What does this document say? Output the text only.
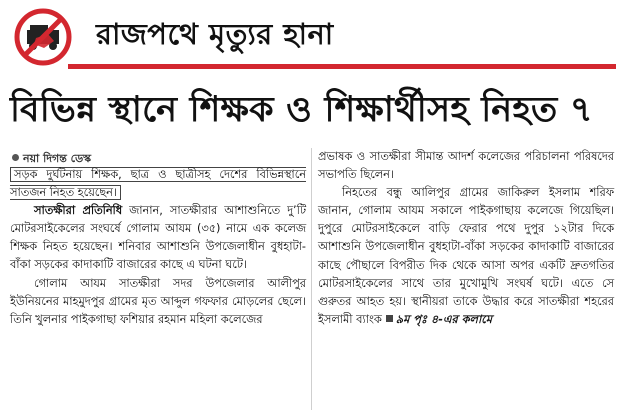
রাজপথে মৃত্যুর হানা
বিভিন্ন স্থানে শিক্ষক ও শিক্ষার্থীসহ নিহত ৭
নয়া দিগন্ত ডেস্ক

সড়ক দুর্ঘটনায় শিক্ষক, ছাত্র ও ছাত্রীসহ দেশের বিভিন্নস্থানে সাতজন নিহত হয়েছেন।

সাতক্ষীরা প্রতিনিধি জানান, সাতক্ষীরার আশাশুনিতে দু’টি মোটরসাইকেলের সংঘর্ষে গোলাম আযম (৩৫) নামে এক কলেজ শিক্ষক নিহত হয়েছেন। শনিবার আশাশুনি উপজেলাধীন বুধহাটা-বাঁকা সড়কের কাদাকাটি বাজারের কাছে এ ঘটনা ঘটে।

গোলাম আযম সাতক্ষীরা সদর উপজেলার আলীপুর ইউনিয়নের মাহমুদপুর গ্রামের মৃত আব্দুল গফফার মোড়লের ছেলে। তিনি খুলনার পাইকগাছা ফশিয়ার রহমান মহিলা কলেজের

প্রভাষক ও সাতক্ষীরা সীমান্ত আদর্শ কলেজের পরিচালনা পরিষদের সভাপতি ছিলেন।

নিহতের বন্ধু আলিপুর গ্রামের জাকিরুল ইসলাম শরিফ জানান, গোলাম আযম সকালে পাইকগাছায় কলেজে গিয়েছিল। দুপুরে মোটরসাইকেলে বাড়ি ফেরার পথে দুপুর ১২টার দিকে আশাশুনি উপজেলাধীন বুধহাটা-বাঁকা সড়কের কাদাকাটি বাজারের কাছে পৌছালে বিপরীত দিক থেকে আসা অপর একটি দ্রুতগতির মোটরসাইকেলের সাথে তার মুখোমুখি সংঘর্ষ ঘটে। এতে সে গুরুতর আহত হয়। স্থানীয়রা তাকে উদ্ধার করে সাতক্ষীরা শহরের ইসলামী ব্যাংক ৯ম পৃঃ ৪-এর কলামে
